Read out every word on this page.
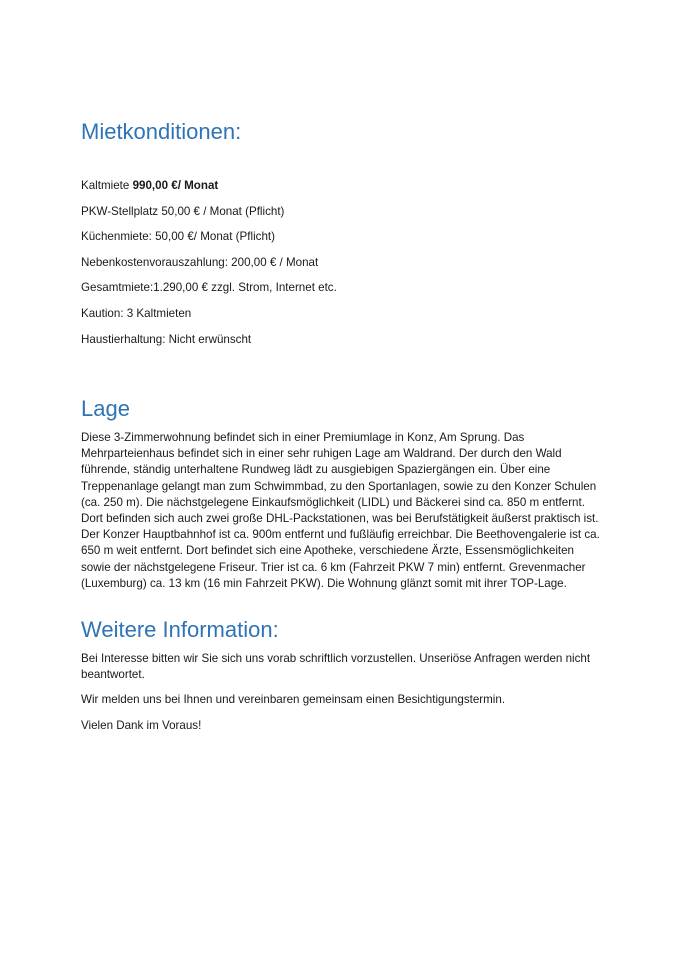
Mietkonditionen:
Kaltmiete 990,00 €/ Monat
PKW-Stellplatz 50,00 € / Monat (Pflicht)
Küchenmiete: 50,00 €/ Monat (Pflicht)
Nebenkostenvorauszahlung: 200,00 € / Monat
Gesamtmiete:1.290,00 € zzgl. Strom, Internet etc.
Kaution: 3 Kaltmieten
Haustierhaltung: Nicht erwünscht
Lage

Diese 3-Zimmerwohnung befindet sich in einer Premiumlage in Konz, Am Sprung. Das Mehrparteienhaus befindet sich in einer sehr ruhigen Lage am Waldrand. Der durch den Wald führende, ständig unterhaltene Rundweg lädt zu ausgiebigen Spaziergängen ein. Über eine Treppenanlage gelangt man zum Schwimmbad, zu den Sportanlagen, sowie zu den Konzer Schulen (ca. 250 m). Die nächstgelegene Einkaufsmöglichkeit (LIDL) und Bäckerei sind ca. 850 m entfernt. Dort befinden sich auch zwei große DHL-Packstationen, was bei Berufstätigkeit äußerst praktisch ist. Der Konzer Hauptbahnhof ist ca. 900m entfernt und fußläufig erreichbar. Die Beethovengalerie ist ca. 650 m weit entfernt. Dort befindet sich eine Apotheke, verschiedene Ärzte, Essensmöglichkeiten sowie der nächstgelegene Friseur. Trier ist ca. 6 km (Fahrzeit PKW 7 min) entfernt. Grevenmacher (Luxemburg) ca. 13 km (16 min Fahrzeit PKW). Die Wohnung glänzt somit mit ihrer TOP-Lage.

Weitere Information:

Bei Interesse bitten wir Sie sich uns vorab schriftlich vorzustellen. Unseriöse Anfragen werden nicht beantwortet.

Wir melden uns bei Ihnen und vereinbaren gemeinsam einen Besichtigungstermin.

Vielen Dank im Voraus!
